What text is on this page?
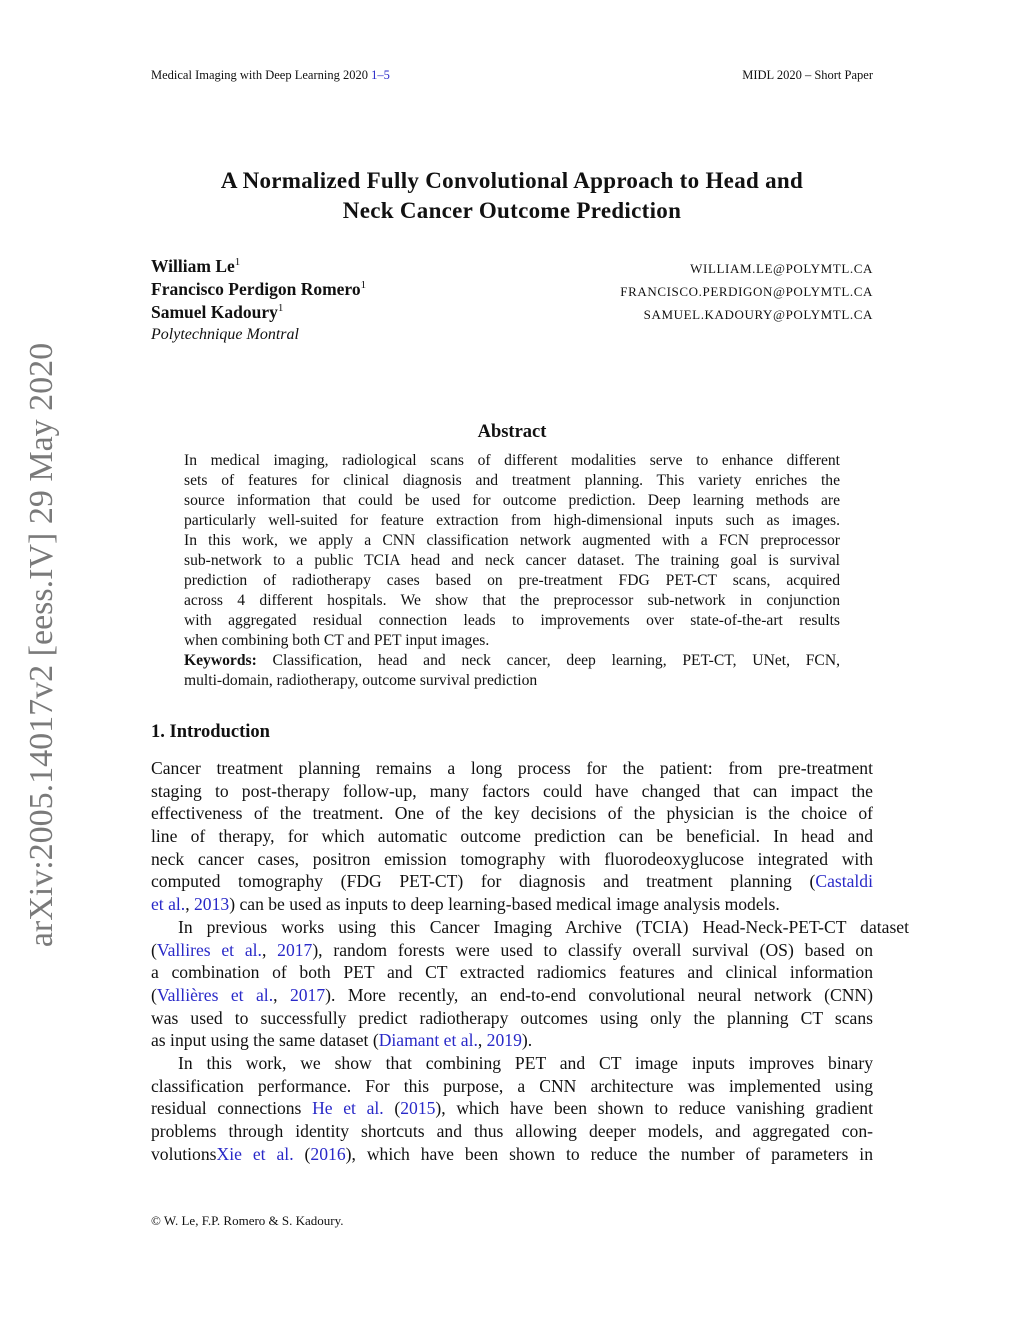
Medical Imaging with Deep Learning 2020 1–5	MIDL 2020 – Short Paper
arXiv:2005.14017v2 [eess.IV] 29 May 2020
A Normalized Fully Convolutional Approach to Head and
Neck Cancer Outcome Prediction
William Le$^1$
Francisco Perdigon Romero$^1$
Samuel Kadoury$^1$
WILLIAM.LE@POLYMTL.CA
FRANCISCO.PERDIGON@POLYMTL.CA
SAMUEL.KADOURY@POLYMTL.CA
Polytechnique Montral
Abstract
In medical imaging, radiological scans of different modalities serve to enhance different
sets of features for clinical diagnosis and treatment planning. This variety enriches the
source information that could be used for outcome prediction. Deep learning methods are
particularly well-suited for feature extraction from high-dimensional inputs such as images.
In this work, we apply a CNN classification network augmented with a FCN preprocessor
sub-network to a public TCIA head and neck cancer dataset. The training goal is survival
prediction of radiotherapy cases based on pre-treatment FDG PET-CT scans, acquired
across 4 different hospitals. We show that the preprocessor sub-network in conjunction
with aggregated residual connection leads to improvements over state-of-the-art results
when combining both CT and PET input images.
Keywords: Classification, head and neck cancer, deep learning, PET-CT, UNet, FCN,
multi-domain, radiotherapy, outcome survival prediction
1. Introduction
Cancer treatment planning remains a long process for the patient: from pre-treatment
staging to post-therapy follow-up, many factors could have changed that can impact the
effectiveness of the treatment. One of the key decisions of the physician is the choice of
line of therapy, for which automatic outcome prediction can be beneficial. In head and
neck cancer cases, positron emission tomography with fluorodeoxyglucose integrated with
computed tomography (FDG PET-CT) for diagnosis and treatment planning (Castaldi
et al., 2013) can be used as inputs to deep learning-based medical image analysis models.
In previous works using this Cancer Imaging Archive (TCIA) Head-Neck-PET-CT dataset
(Vallires et al., 2017), random forests were used to classify overall survival (OS) based on
a combination of both PET and CT extracted radiomics features and clinical information
(Vallières et al., 2017). More recently, an end-to-end convolutional neural network (CNN)
was used to successfully predict radiotherapy outcomes using only the planning CT scans
as input using the same dataset (Diamant et al., 2019).
In this work, we show that combining PET and CT image inputs improves binary
classification performance. For this purpose, a CNN architecture was implemented using
residual connections He et al. (2015), which have been shown to reduce vanishing gradient
problems through identity shortcuts and thus allowing deeper models, and aggregated con-
volutionsXie et al. (2016), which have been shown to reduce the number of parameters in
© W. Le, F.P. Romero & S. Kadoury.
